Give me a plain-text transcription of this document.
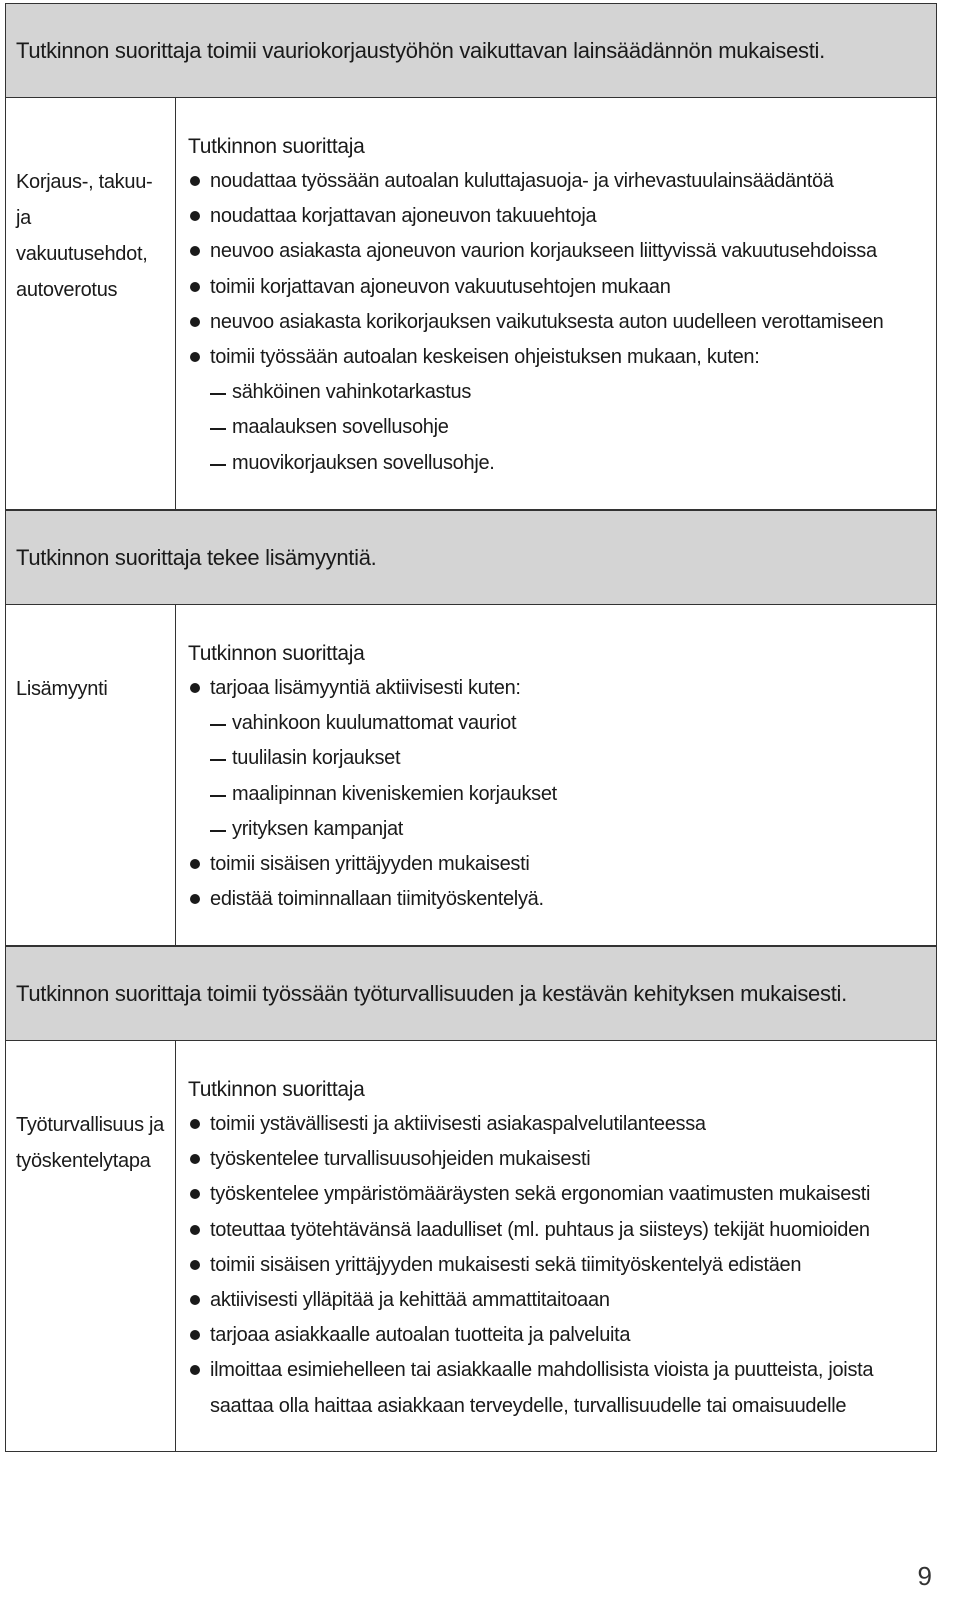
Tutkinnon suorittaja toimii vauriokorjaustyöhön vaikuttavan lainsäädännön mukaisesti.
Korjaus-, takuu-
ja vakuutusehdot,
autoverotus
Tutkinnon suorittaja
noudattaa työssään autoalan kuluttajasuoja- ja virhevastuulainsäädäntöä
noudattaa korjattavan ajoneuvon takuuehtoja
neuvoo asiakasta ajoneuvon vaurion korjaukseen liittyvissä vakuutusehdoissa
toimii korjattavan ajoneuvon vakuutusehtojen mukaan
neuvoo asiakasta korikorjauksen vaikutuksesta auton uudelleen verottamiseen
toimii työssään autoalan keskeisen ohjeistuksen mukaan, kuten:
sähköinen vahinkotarkastus
maalauksen sovellusohje
muovikorjauksen sovellusohje.
Tutkinnon suorittaja tekee lisämyyntiä.
Lisämyynti
Tutkinnon suorittaja
tarjoaa lisämyyntiä aktiivisesti kuten:
vahinkoon kuulumattomat vauriot
tuulilasin korjaukset
maalipinnan kiveniskemien korjaukset
yrityksen kampanjat
toimii sisäisen yrittäjyyden mukaisesti
edistää toiminnallaan tiimityöskentelyä.
Tutkinnon suorittaja toimii työssään työturvallisuuden ja kestävän kehityksen mukaisesti.
Työturvallisuus ja
työskentelytapa
Tutkinnon suorittaja
toimii ystävällisesti ja aktiivisesti asiakaspalvelutilanteessa
työskentelee turvallisuusohjeiden mukaisesti
työskentelee ympäristömääräysten sekä ergonomian vaatimusten mukaisesti
toteuttaa työtehtävänsä laadulliset (ml. puhtaus ja siisteys) tekijät huomioiden
toimii sisäisen yrittäjyyden mukaisesti sekä tiimityöskentelyä edistäen
aktiivisesti ylläpitää ja kehittää ammattitaitoaan
tarjoaa asiakkaalle autoalan tuotteita ja palveluita
ilmoittaa esimiehelleen tai asiakkaalle mahdollisista vioista ja puutteista, joista
saattaa olla haittaa asiakkaan terveydelle, turvallisuudelle tai omaisuudelle
9
